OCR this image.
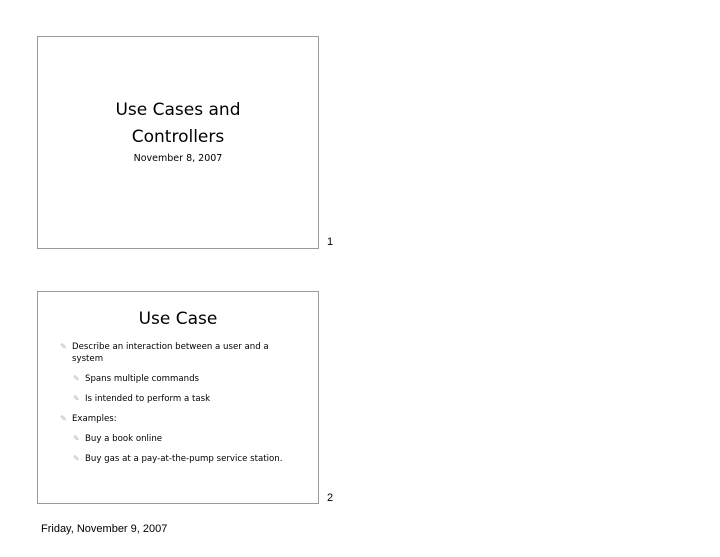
Use Cases and
Controllers
November 8, 2007
1
Use Case
✎ Describe an interaction between a user and a system
✎ Spans multiple commands
✎ Is intended to perform a task
✎ Examples:
✎ Buy a book online
✎ Buy gas at a pay-at-the-pump service station.
2
Friday, November 9, 2007
